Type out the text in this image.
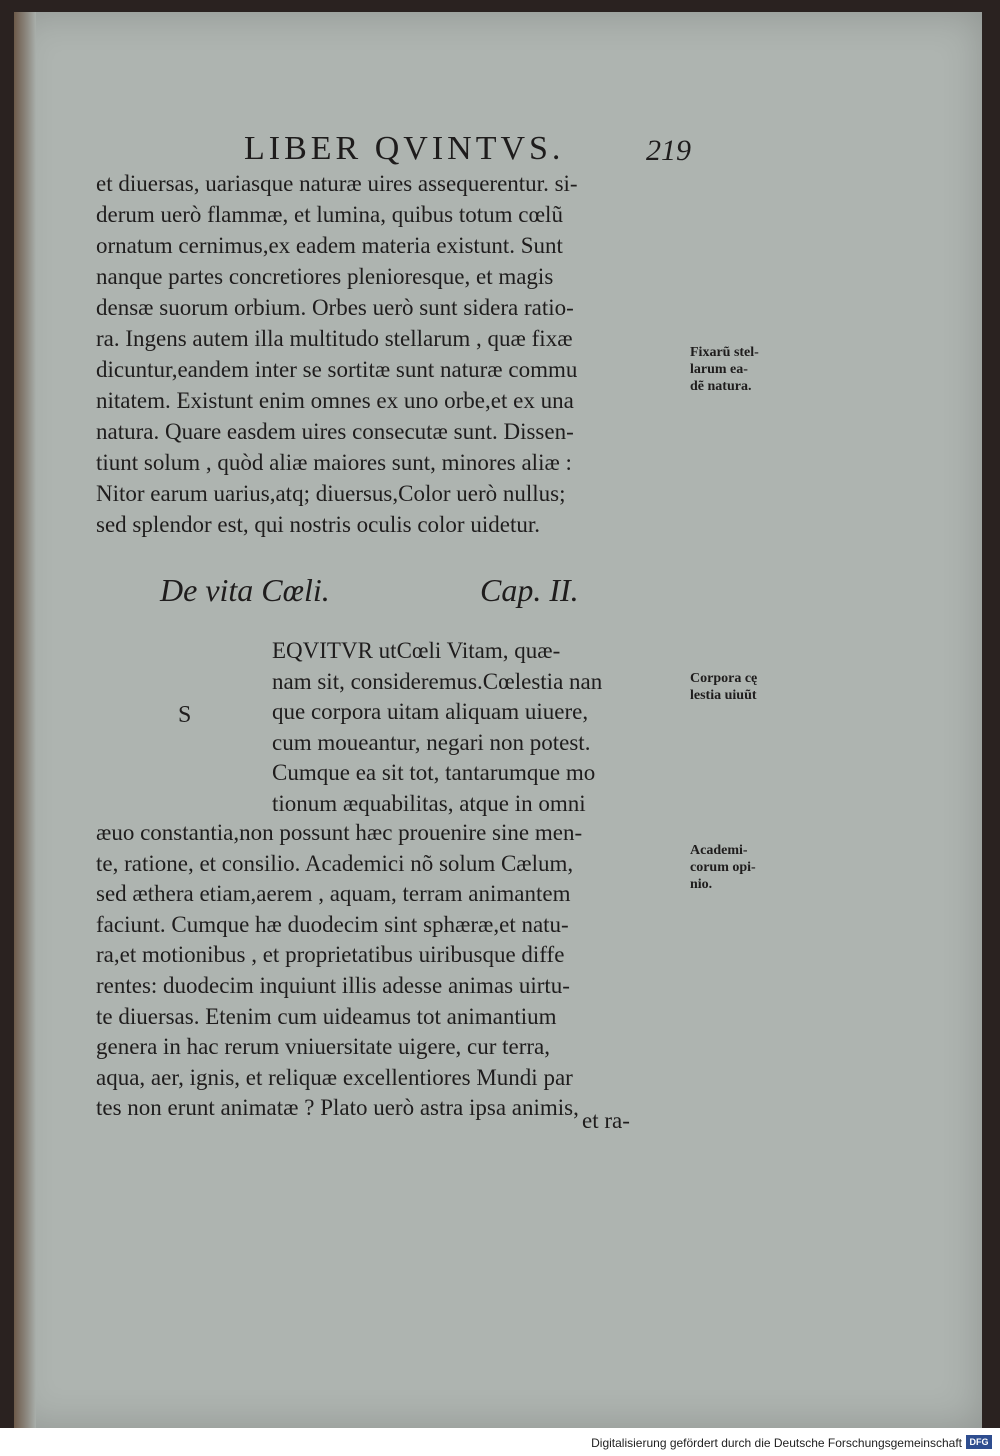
LIBER QVINTVS.	219
et diuersas, uariasque naturæ uires assequerentur. si-
derum uerò flammæ, et lumina, quibus totum cœlũ
ornatum cernimus,ex eadem materia existunt. Sunt
nanque partes concretiores plenioresque, et magis
densæ suorum orbium. Orbes uerò sunt sidera ratio-
ra. Ingens autem illa multitudo stellarum , quæ fixæ
dicuntur,eandem inter se sortitæ sunt naturæ commu
nitatem. Existunt enim omnes ex uno orbe,et ex una
natura. Quare easdem uires consecutæ sunt. Dissen-
tiunt solum , quòd aliæ maiores sunt, minores aliæ :
Nitor earum uarius,atq; diuersus,Color uerò nullus;
sed splendor est, qui nostris oculis color uidetur.
De vita Cœli.	Cap. II.
S
EQVITVR utCœli Vitam, quæ-
nam sit, consideremus.Cœlestia nan
que corpora uitam aliquam uiuere,
cum moueantur, negari non potest.
Cumque ea sit tot, tantarumque mo
tionum æquabilitas, atque in omni
æuo constantia,non possunt hæc prouenire sine men-
te, ratione, et consilio. Academici nõ solum Cælum,
sed æthera etiam,aerem , aquam, terram animantem
faciunt. Cumque hæ duodecim sint sphæræ,et natu-
ra,et motionibus , et proprietatibus uiribusque diffe
rentes: duodecim inquiunt illis adesse animas uirtu-
te diuersas. Etenim cum uideamus tot animantium
genera in hac rerum vniuersitate uigere, cur terra,
aqua, aer, ignis, et reliquæ excellentiores Mundi par
tes non erunt animatæ ? Plato uerò astra ipsa animis,
et ra-
Fixarũ stel-
larum ea-
dẽ natura.
Corpora cę
lestia uiuũt
Academi-
corum opi-
nio.
Digitalisierung gefördert durch die Deutsche Forschungsgemeinschaft DFG
